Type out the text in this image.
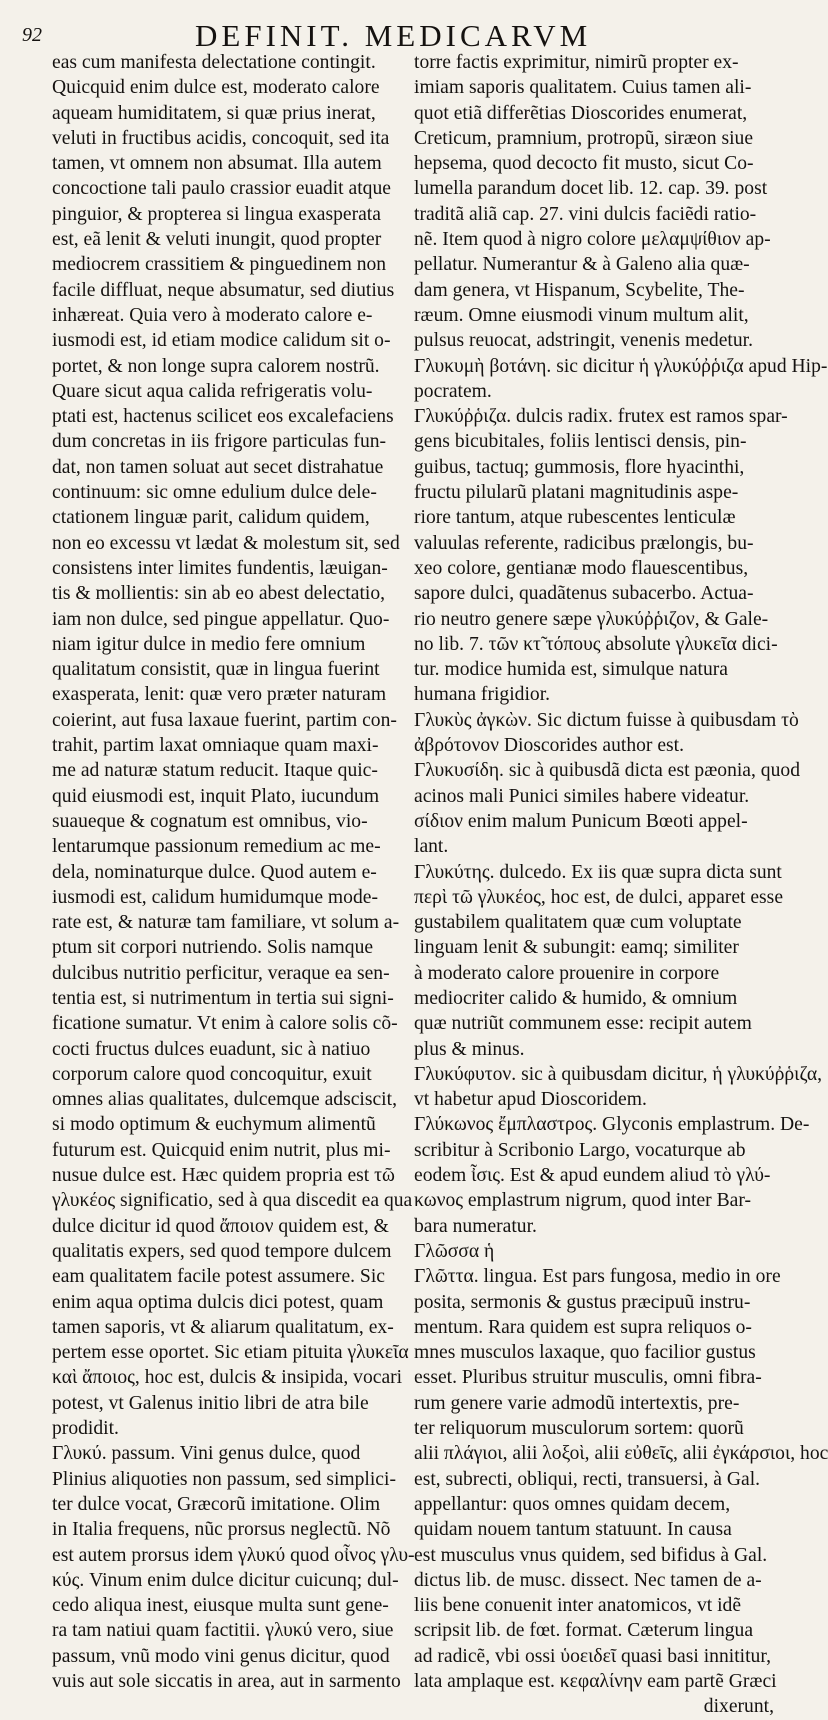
92	DEFINIT. MEDICARVM
eas cum manifesta delectatione contingit.
Quicquid enim dulce est, moderato calore
aqueam humiditatem, si quæ prius inerat,
veluti in fructibus acidis, concoquit, sed ita
tamen, vt omnem non absumat. Illa autem
concoctione tali paulo crassior euadit atque
pinguior, & propterea si lingua exasperata
est, eã lenit & veluti inungit, quod propter
mediocrem crassitiem & pinguedinem non
facile diffluat, neque absumatur, sed diutius
inhæreat. Quia vero à moderato calore e-
iusmodi est, id etiam modice calidum sit o-
portet, & non longe supra calorem nostrũ.
Quare sicut aqua calida refrigeratis volu-
ptati est, hactenus scilicet eos excalefaciens
dum concretas in iis frigore particulas fun-
dat, non tamen soluat aut secet distrahatue
continuum: sic omne edulium dulce dele-
ctationem linguæ parit, calidum quidem,
non eo excessu vt lædat & molestum sit, sed
consistens inter limites fundentis, læuigan-
tis & mollientis: sin ab eo abest delectatio,
iam non dulce, sed pingue appellatur. Quo-
niam igitur dulce in medio fere omnium
qualitatum consistit, quæ in lingua fuerint
exasperata, lenit: quæ vero præter naturam
coierint, aut fusa laxaue fuerint, partim con-
trahit, partim laxat omniaque quam maxi-
me ad naturæ statum reducit. Itaque quic-
quid eiusmodi est, inquit Plato, iucundum
suaueque & cognatum est omnibus, vio-
lentarumque passionum remedium ac me-
dela, nominaturque dulce. Quod autem e-
iusmodi est, calidum humidumque mode-
rate est, & naturæ tam familiare, vt solum a-
ptum sit corpori nutriendo. Solis namque
dulcibus nutritio perficitur, veraque ea sen-
tentia est, si nutrimentum in tertia sui signi-
ficatione sumatur. Vt enim à calore solis cõ-
cocti fructus dulces euadunt, sic à natiuo
corporum calore quod concoquitur, exuit
omnes alias qualitates, dulcemque adsciscit,
si modo optimum & euchymum alimentũ
futurum est. Quicquid enim nutrit, plus mi-
nusue dulce est. Hæc quidem propria est τῶ
γλυκέος significatio, sed à qua discedit ea qua
dulce dicitur id quod ἄποιον quidem est, &
qualitatis expers, sed quod tempore dulcem
eam qualitatem facile potest assumere. Sic
enim aqua optima dulcis dici potest, quam
tamen saporis, vt & aliarum qualitatum, ex-
pertem esse oportet. Sic etiam pituita γλυκεῖα
καὶ ἄποιος, hoc est, dulcis & insipida, vocari
potest, vt Galenus initio libri de atra bile
prodidit.
Γλυκύ. passum. Vini genus dulce, quod
Plinius aliquoties non passum, sed simplici-
ter dulce vocat, Græcorũ imitatione. Olim
in Italia frequens, nũc prorsus neglectũ. Nõ
est autem prorsus idem γλυκύ quod οἶνος γλυ-
κύς. Vinum enim dulce dicitur cuicunq; dul-
cedo aliqua inest, eiusque multa sunt gene-
ra tam natiui quam factitii. γλυκύ vero, siue
passum, vnũ modo vini genus dicitur, quod
vuis aut sole siccatis in area, aut in sarmento
torre factis exprimitur, nimirũ propter ex-
imiam saporis qualitatem. Cuius tamen ali-
quot etiã differẽtias Dioscorides enumerat,
Creticum, pramnium, protropũ, siræon siue
hepsema, quod decocto fit musto, sicut Co-
lumella parandum docet lib. 12. cap. 39. post
traditã aliã cap. 27. vini dulcis faciẽdi ratio-
nẽ. Item quod à nigro colore μελαμψίθιον ap-
pellatur. Numerantur & à Galeno alia quæ-
dam genera, vt Hispanum, Scybelite, The-
ræum. Omne eiusmodi vinum multum alit,
pulsus reuocat, adstringit, venenis medetur.
Γλυκυμὴ βοτάνη. sic dicitur ἡ γλυκύῤῥιζα apud Hip-
pocratem.
Γλυκύῤῥιζα. dulcis radix. frutex est ramos spar-
gens bicubitales, foliis lentisci densis, pin-
guibus, tactuq; gummosis, flore hyacinthi,
fructu pilularũ platani magnitudinis aspe-
riore tantum, atque rubescentes lenticulæ
valuulas referente, radicibus prælongis, bu-
xeo colore, gentianæ modo flauescentibus,
sapore dulci, quadãtenus subacerbo. Actua-
rio neutro genere sæpe γλυκύῤῥιζον, & Gale-
no lib. 7. τῶν κτ̃ τόπους absolute γλυκεῖα dici-
tur. modice humida est, simulque natura
humana frigidior.
Γλυκὺς ἀγκὼν. Sic dictum fuisse à quibusdam τὸ
ἀβρότονον Dioscorides author est.
Γλυκυσίδη. sic à quibusdã dicta est pæonia, quod
acinos mali Punici similes habere videatur.
σίδιον enim malum Punicum Bœoti appel-
lant.
Γλυκύτης. dulcedo. Ex iis quæ supra dicta sunt
περὶ τῶ γλυκέος, hoc est, de dulci, apparet esse
gustabilem qualitatem quæ cum voluptate
linguam lenit & subungit: eamq; similiter
à moderato calore prouenire in corpore
mediocriter calido & humido, & omnium
quæ nutriũt communem esse: recipit autem
plus & minus.
Γλυκύφυτον. sic à quibusdam dicitur, ἡ γλυκύῤῥιζα,
vt habetur apud Dioscoridem.
Γλύκωνος ἔμπλαστρος. Glyconis emplastrum. De-
scribitur à Scribonio Largo, vocaturque ab
eodem ἶσις. Est & apud eundem aliud τὸ γλύ-
κωνος emplastrum nigrum, quod inter Bar-
bara numeratur.
Γλῶσσα ἡ
Γλῶττα. lingua. Est pars fungosa, medio in ore
posita, sermonis & gustus præcipuũ instru-
mentum. Rara quidem est supra reliquos o-
mnes musculos laxaque, quo facilior gustus
esset. Pluribus struitur musculis, omni fibra-
rum genere varie admodũ intertextis, pre-
ter reliquorum musculorum sortem: quorũ
alii πλάγιοι, alii λοξοὶ, alii εὐθεῖς, alii ἐγκάρσιοι, hoc
est, subrecti, obliqui, recti, transuersi, à Gal.
appellantur: quos omnes quidam decem,
quidam nouem tantum statuunt. In causa
est musculus vnus quidem, sed bifidus à Gal.
dictus lib. de musc. dissect. Nec tamen de a-
liis bene conuenit inter anatomicos, vt idẽ
scripsit lib. de fœt. format. Cæterum lingua
ad radicẽ, vbi ossi ὑοειδεῖ quasi basi innititur,
lata amplaque est. κεφαλίνην eam partẽ Græci
dixerunt,
